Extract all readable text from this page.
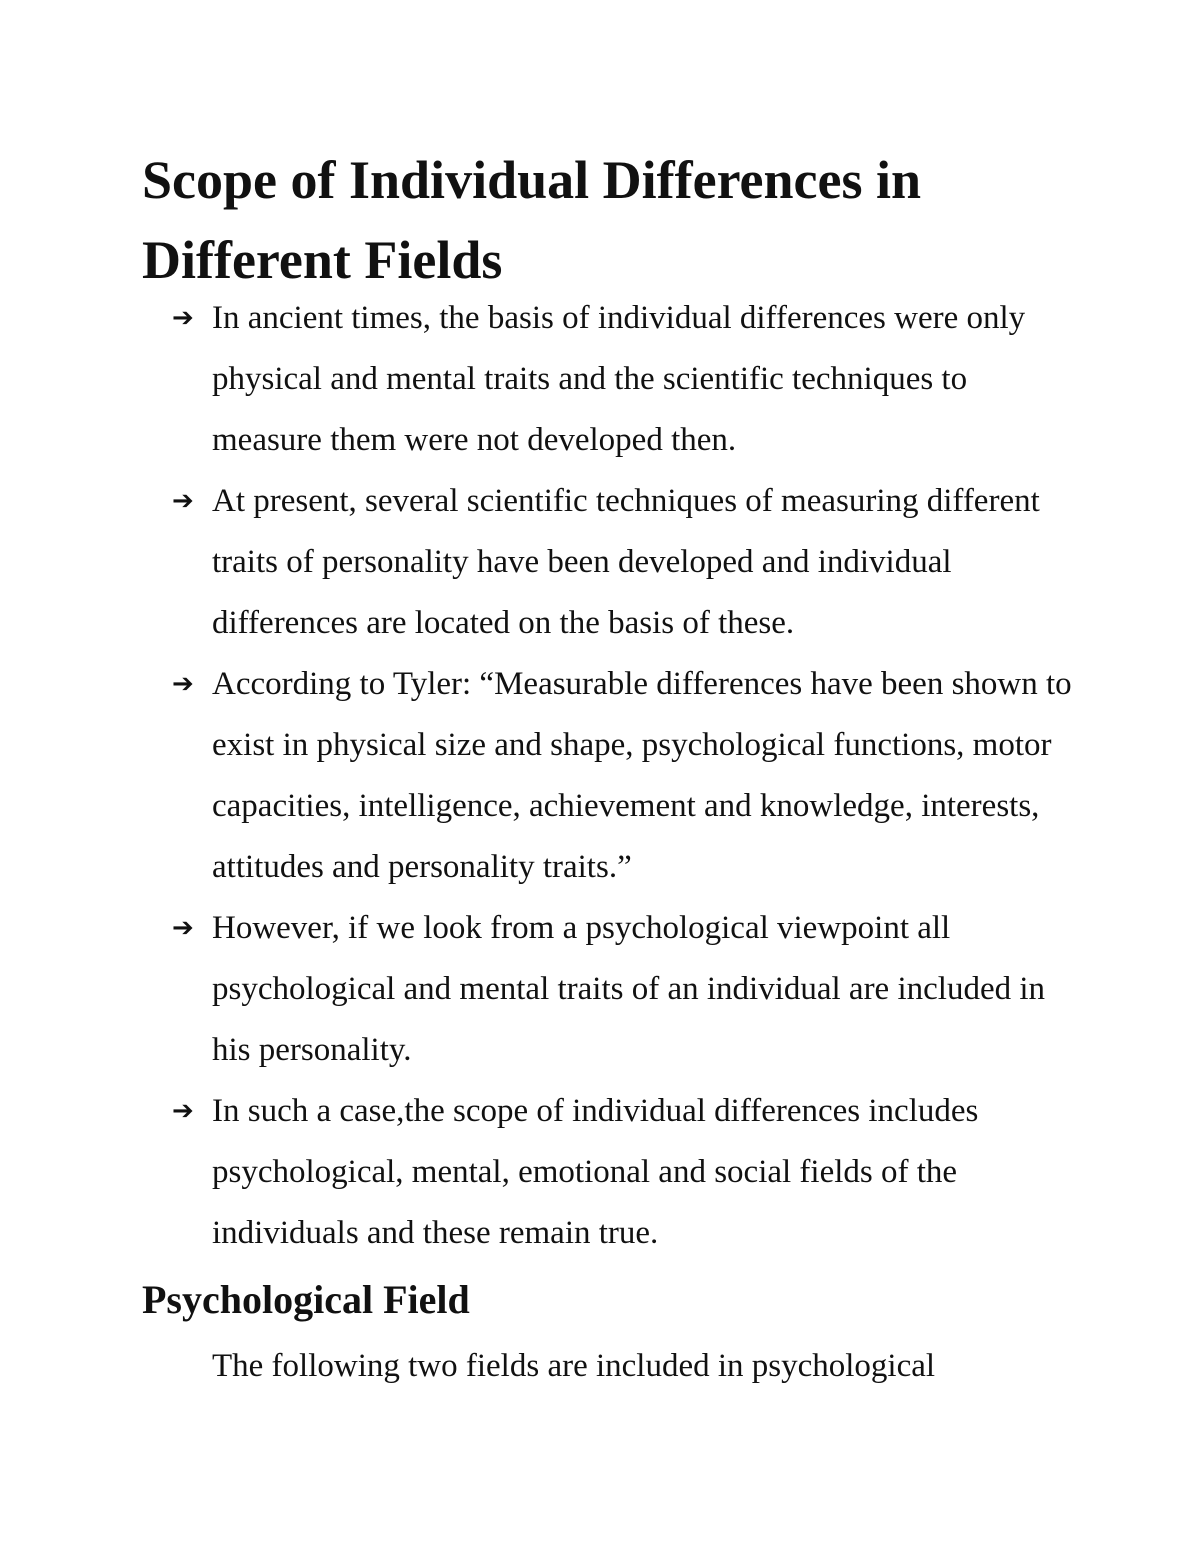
Scope of Individual Differences in Different Fields
➔ In ancient times, the basis of individual differences were only physical and mental traits and the scientific techniques to measure them were not developed then.
➔ At present, several scientific techniques of measuring different traits of personality have been developed and individual differences are located on the basis of these.
➔ According to Tyler: “Measurable differences have been shown to exist in physical size and shape, psychological functions, motor capacities, intelligence, achievement and knowledge, interests, attitudes and personality traits.”
➔ However, if we look from a psychological viewpoint all psychological and mental traits of an individual are included in his personality.
➔ In such a case,the scope of individual differences includes psychological, mental, emotional and social fields of the individuals and these remain true.
Psychological Field

The following two fields are included in psychological
